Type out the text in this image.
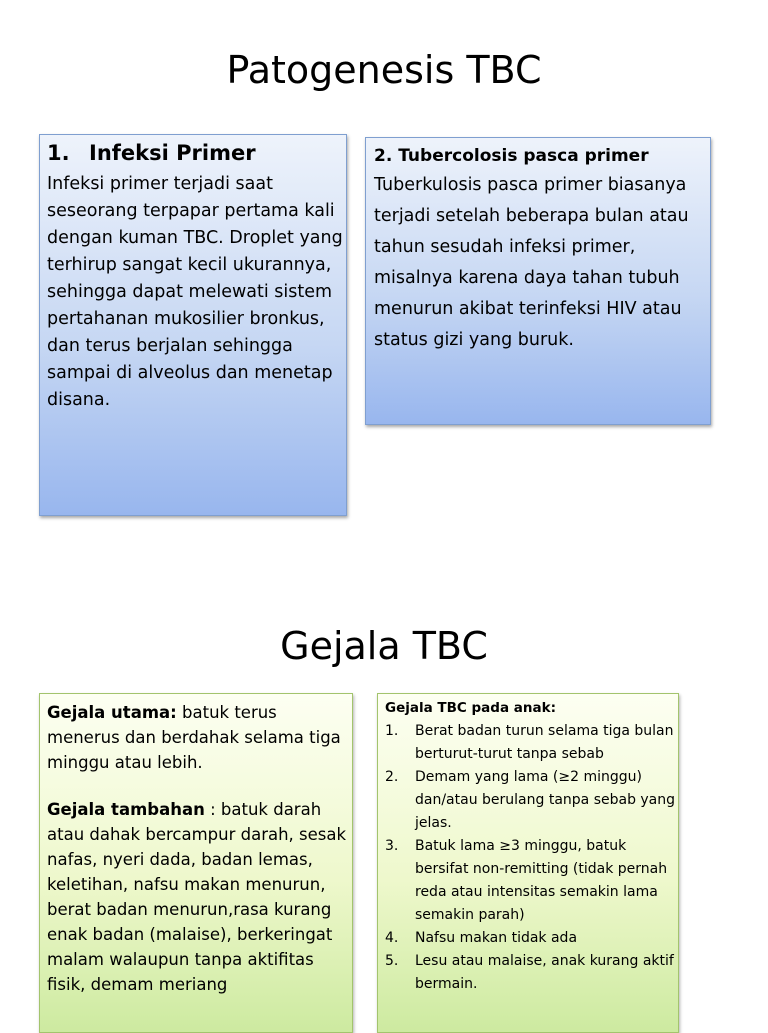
Patogenesis TBC
1. Infeksi Primer
Infeksi primer terjadi saat seseorang terpapar pertama kali dengan kuman TBC. Droplet yang terhirup sangat kecil ukurannya, sehingga dapat melewati sistem pertahanan mukosilier bronkus, dan terus berjalan sehingga sampai di alveolus dan menetap disana.
2. Tubercolosis pasca primer
Tuberkulosis pasca primer biasanya terjadi setelah beberapa bulan atau tahun sesudah infeksi primer, misalnya karena daya tahan tubuh menurun akibat terinfeksi HIV atau status gizi yang buruk.
Gejala TBC
Gejala utama: batuk terus menerus dan berdahak selama tiga minggu atau lebih.
Gejala tambahan : batuk darah atau dahak bercampur darah, sesak nafas, nyeri dada, badan lemas, keletihan, nafsu makan menurun, berat badan menurun,rasa kurang enak badan (malaise), berkeringat malam walaupun tanpa aktifitas fisik, demam meriang
Gejala TBC pada anak:
1. Berat badan turun selama tiga bulan berturut-turut tanpa sebab
2. Demam yang lama (≥2 minggu) dan/atau berulang tanpa sebab yang jelas.
3. Batuk lama ≥3 minggu, batuk bersifat non-remitting (tidak pernah reda atau intensitas semakin lama semakin parah)
4. Nafsu makan tidak ada
5. Lesu atau malaise, anak kurang aktif bermain.
